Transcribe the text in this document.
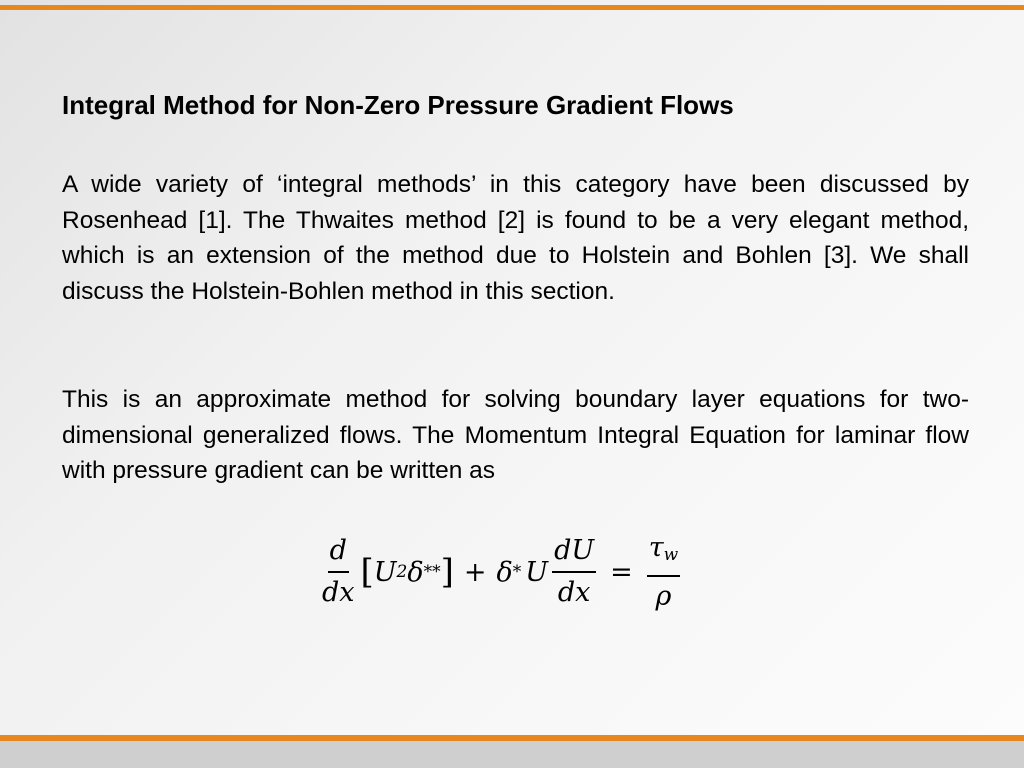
Integral Method for Non-Zero Pressure Gradient Flows

A wide variety of ‘integral methods’ in this category have been discussed by Rosenhead [1]. The Thwaites method [2] is found to be a very elegant method, which is an extension of the method due to Holstein and Bohlen [3]. We shall discuss the Holstein-Bohlen method in this section.

This is an approximate method for solving boundary layer equations for two-dimensional generalized flows. The Momentum Integral Equation for laminar flow with pressure gradient can be written as

$\frac{d}{dx}$ [ U 2 δ ** ] + δ * U $\frac{dU}{dx} = \frac{\tau_w}{\rho}$
